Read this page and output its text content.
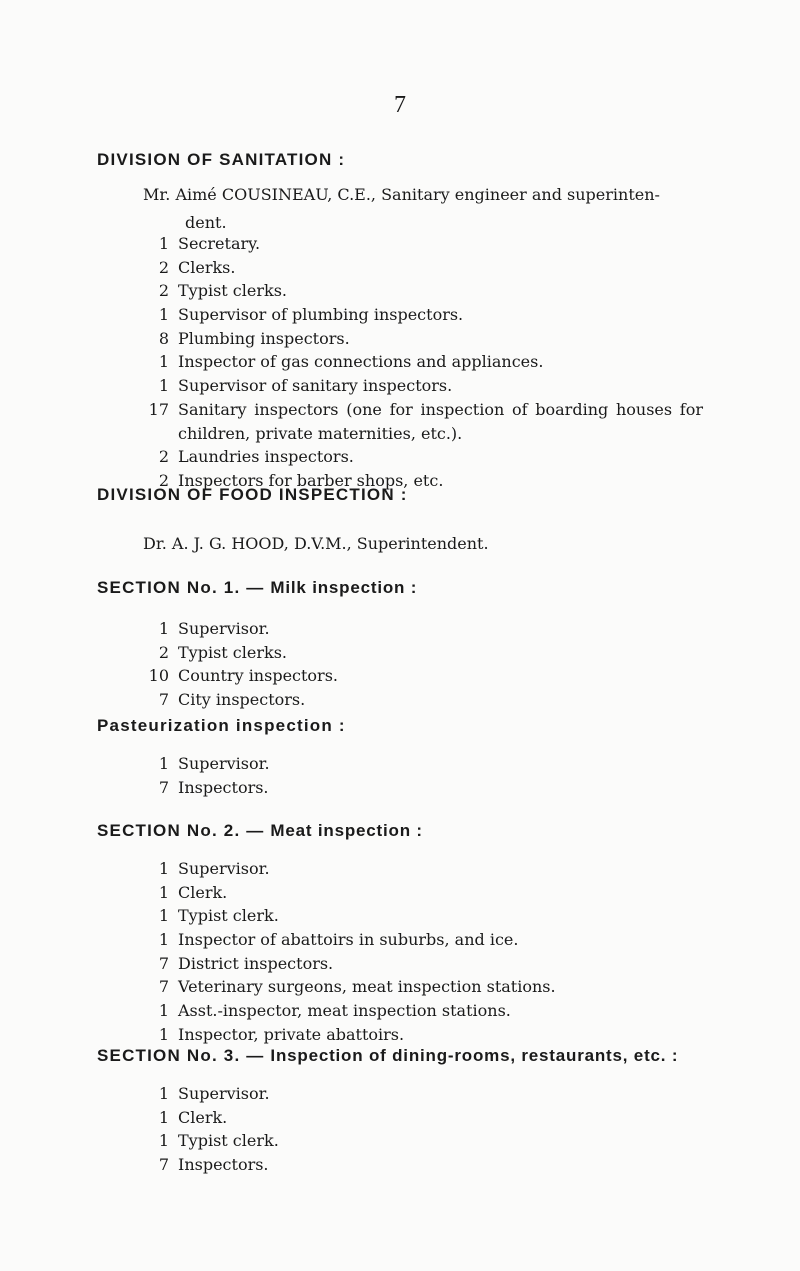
7
DIVISION OF SANITATION :
Mr. Aimé COUSINEAU, C.E., Sanitary engineer and superinten-
dent.
1 Secretary.
2 Clerks.
2 Typist clerks.
1 Supervisor of plumbing inspectors.
8 Plumbing inspectors.
1 Inspector of gas connections and appliances.
1 Supervisor of sanitary inspectors.
17 Sanitary inspectors (one for inspection of boarding houses for children, private maternities, etc.).
2 Laundries inspectors.
2 Inspectors for barber shops, etc.
DIVISION OF FOOD INSPECTION :
Dr. A. J. G. HOOD, D.V.M., Superintendent.
SECTION No. 1. — Milk inspection :
1 Supervisor.
2 Typist clerks.
10 Country inspectors.
7 City inspectors.
Pasteurization inspection :
1 Supervisor.
7 Inspectors.
SECTION No. 2. — Meat inspection :
1 Supervisor.
1 Clerk.
1 Typist clerk.
1 Inspector of abattoirs in suburbs, and ice.
7 District inspectors.
7 Veterinary surgeons, meat inspection stations.
1 Asst.-inspector, meat inspection stations.
1 Inspector, private abattoirs.
SECTION No. 3. — Inspection of dining-rooms, restaurants, etc. :
1 Supervisor.
1 Clerk.
1 Typist clerk.
7 Inspectors.
